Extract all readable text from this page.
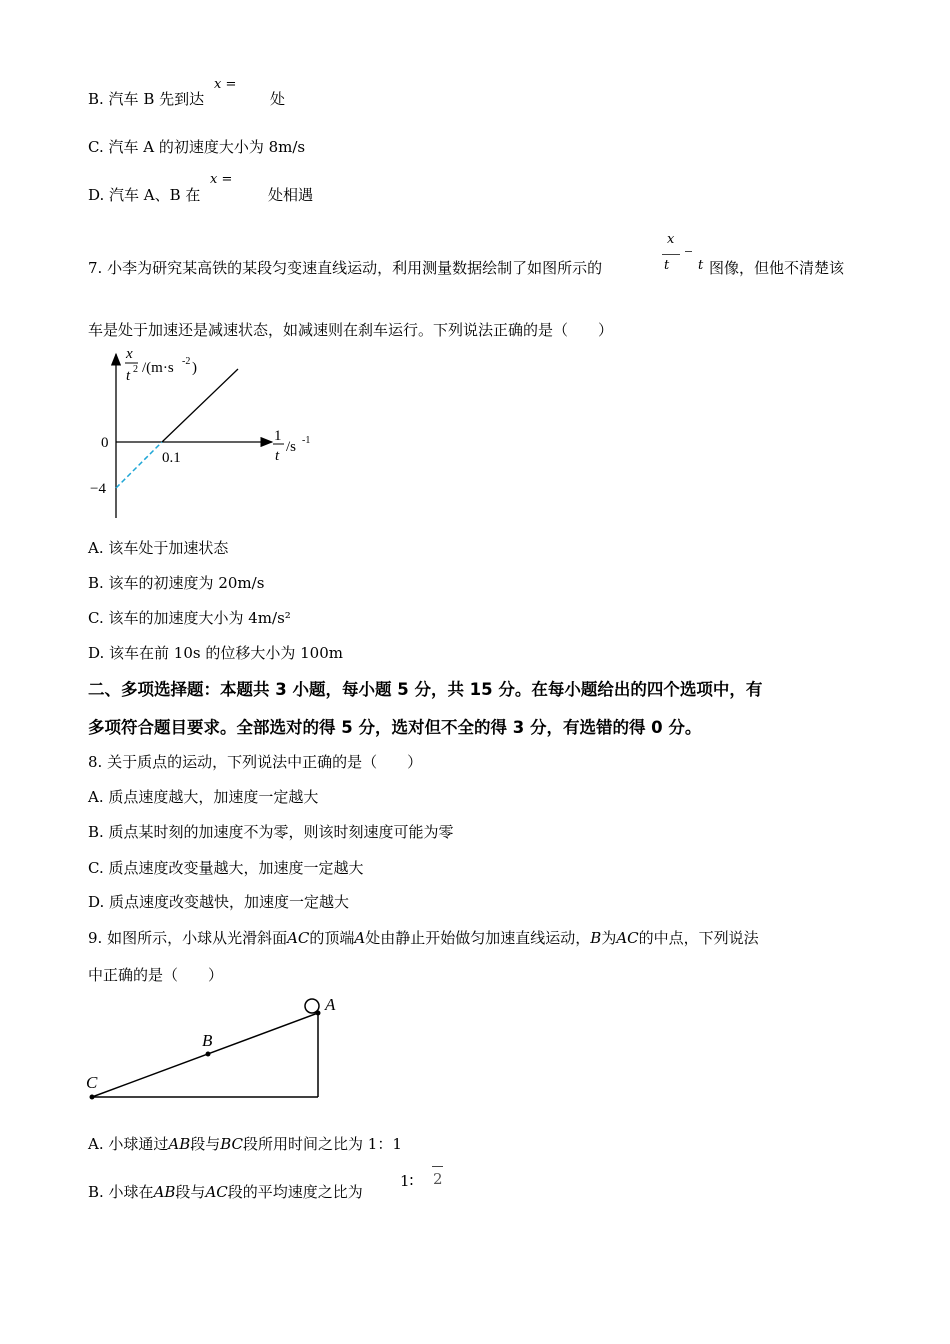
B. 汽车 B 先到达
x =
处
C. 汽车 A 的初速度大小为 8m/s
D. 汽车 A、B 在
x =
处相遇
7. 小李为研究某高铁的某段匀变速直线运动，利用测量数据绘制了如图所示的
x
t t 图像，但他不清楚该
车是处于加速还是减速状态，如减速则在刹车运行。下列说法正确的是（　　）
x
t 2 /(m·s -2 )
1
t
/s -1
0
0.1
−4
A. 该车处于加速状态
B. 该车的初速度为 20m/s
C. 该车的加速度大小为 4m/s²
D. 该车在前 10s 的位移大小为 100m
二、多项选择题：本题共 3 小题，每小题 5 分，共 15 分。在每小题给出的四个选项中，有
多项符合题目要求。全部选对的得 5 分，选对但不全的得 3 分，有选错的得 0 分。
8. 关于质点的运动，下列说法中正确的是（　　）
A. 质点速度越大，加速度一定越大
B. 质点某时刻的加速度不为零，则该时刻速度可能为零
C. 质点速度改变量越大，加速度一定越大
D. 质点速度改变越快，加速度一定越大
9. 如图所示，小球从光滑斜面AC的顶端A处由静止开始做匀加速直线运动，B为AC的中点，下列说法
中正确的是（　　）
A
B
C
A. 小球通过AB段与BC段所用时间之比为 1：1
B. 小球在AB段与AC段的平均速度之比为
1∶ 2
